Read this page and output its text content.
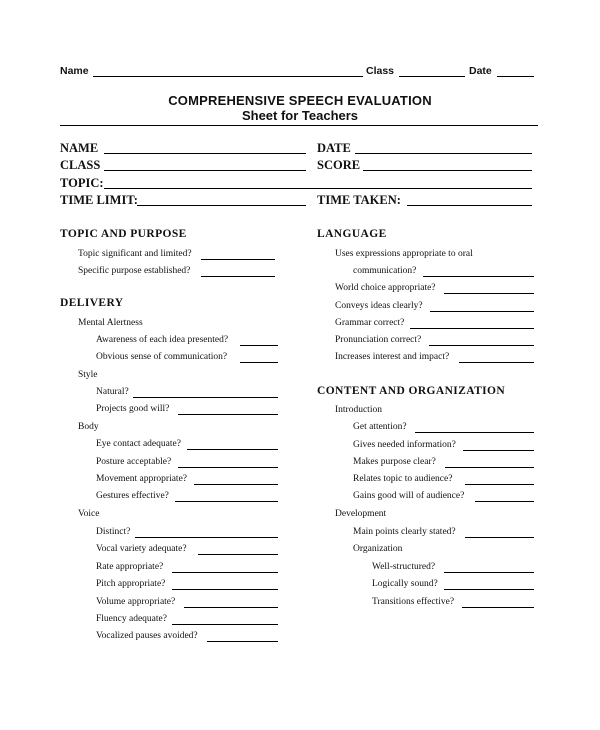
Name	Class	Date
COMPREHENSIVE SPEECH EVALUATION
Sheet for Teachers
NAME	DATE
CLASS	SCORE
TOPIC:
TIME LIMIT:	TIME TAKEN:
TOPIC AND PURPOSE
Topic significant and limited?
Specific purpose established?
DELIVERY
Mental Alertness
Awareness of each idea presented?
Obvious sense of communication?
Style
Natural?
Projects good will?
Body
Eye contact adequate?
Posture acceptable?
Movement appropriate?
Gestures effective?
Voice
Distinct?
Vocal variety adequate?
Rate appropriate?
Pitch appropriate?
Volume appropriate?
Fluency adequate?
Vocalized pauses avoided?
LANGUAGE
Uses expressions appropriate to oral
communication?
World choice appropriate?
Conveys ideas clearly?
Grammar correct?
Pronunciation correct?
Increases interest and impact?
CONTENT AND ORGANIZATION
Introduction
Get attention?
Gives needed information?
Makes purpose clear?
Relates topic to audience?
Gains good will of audience?
Development
Main points clearly stated?
Organization
Well-structured?
Logically sound?
Transitions effective?
